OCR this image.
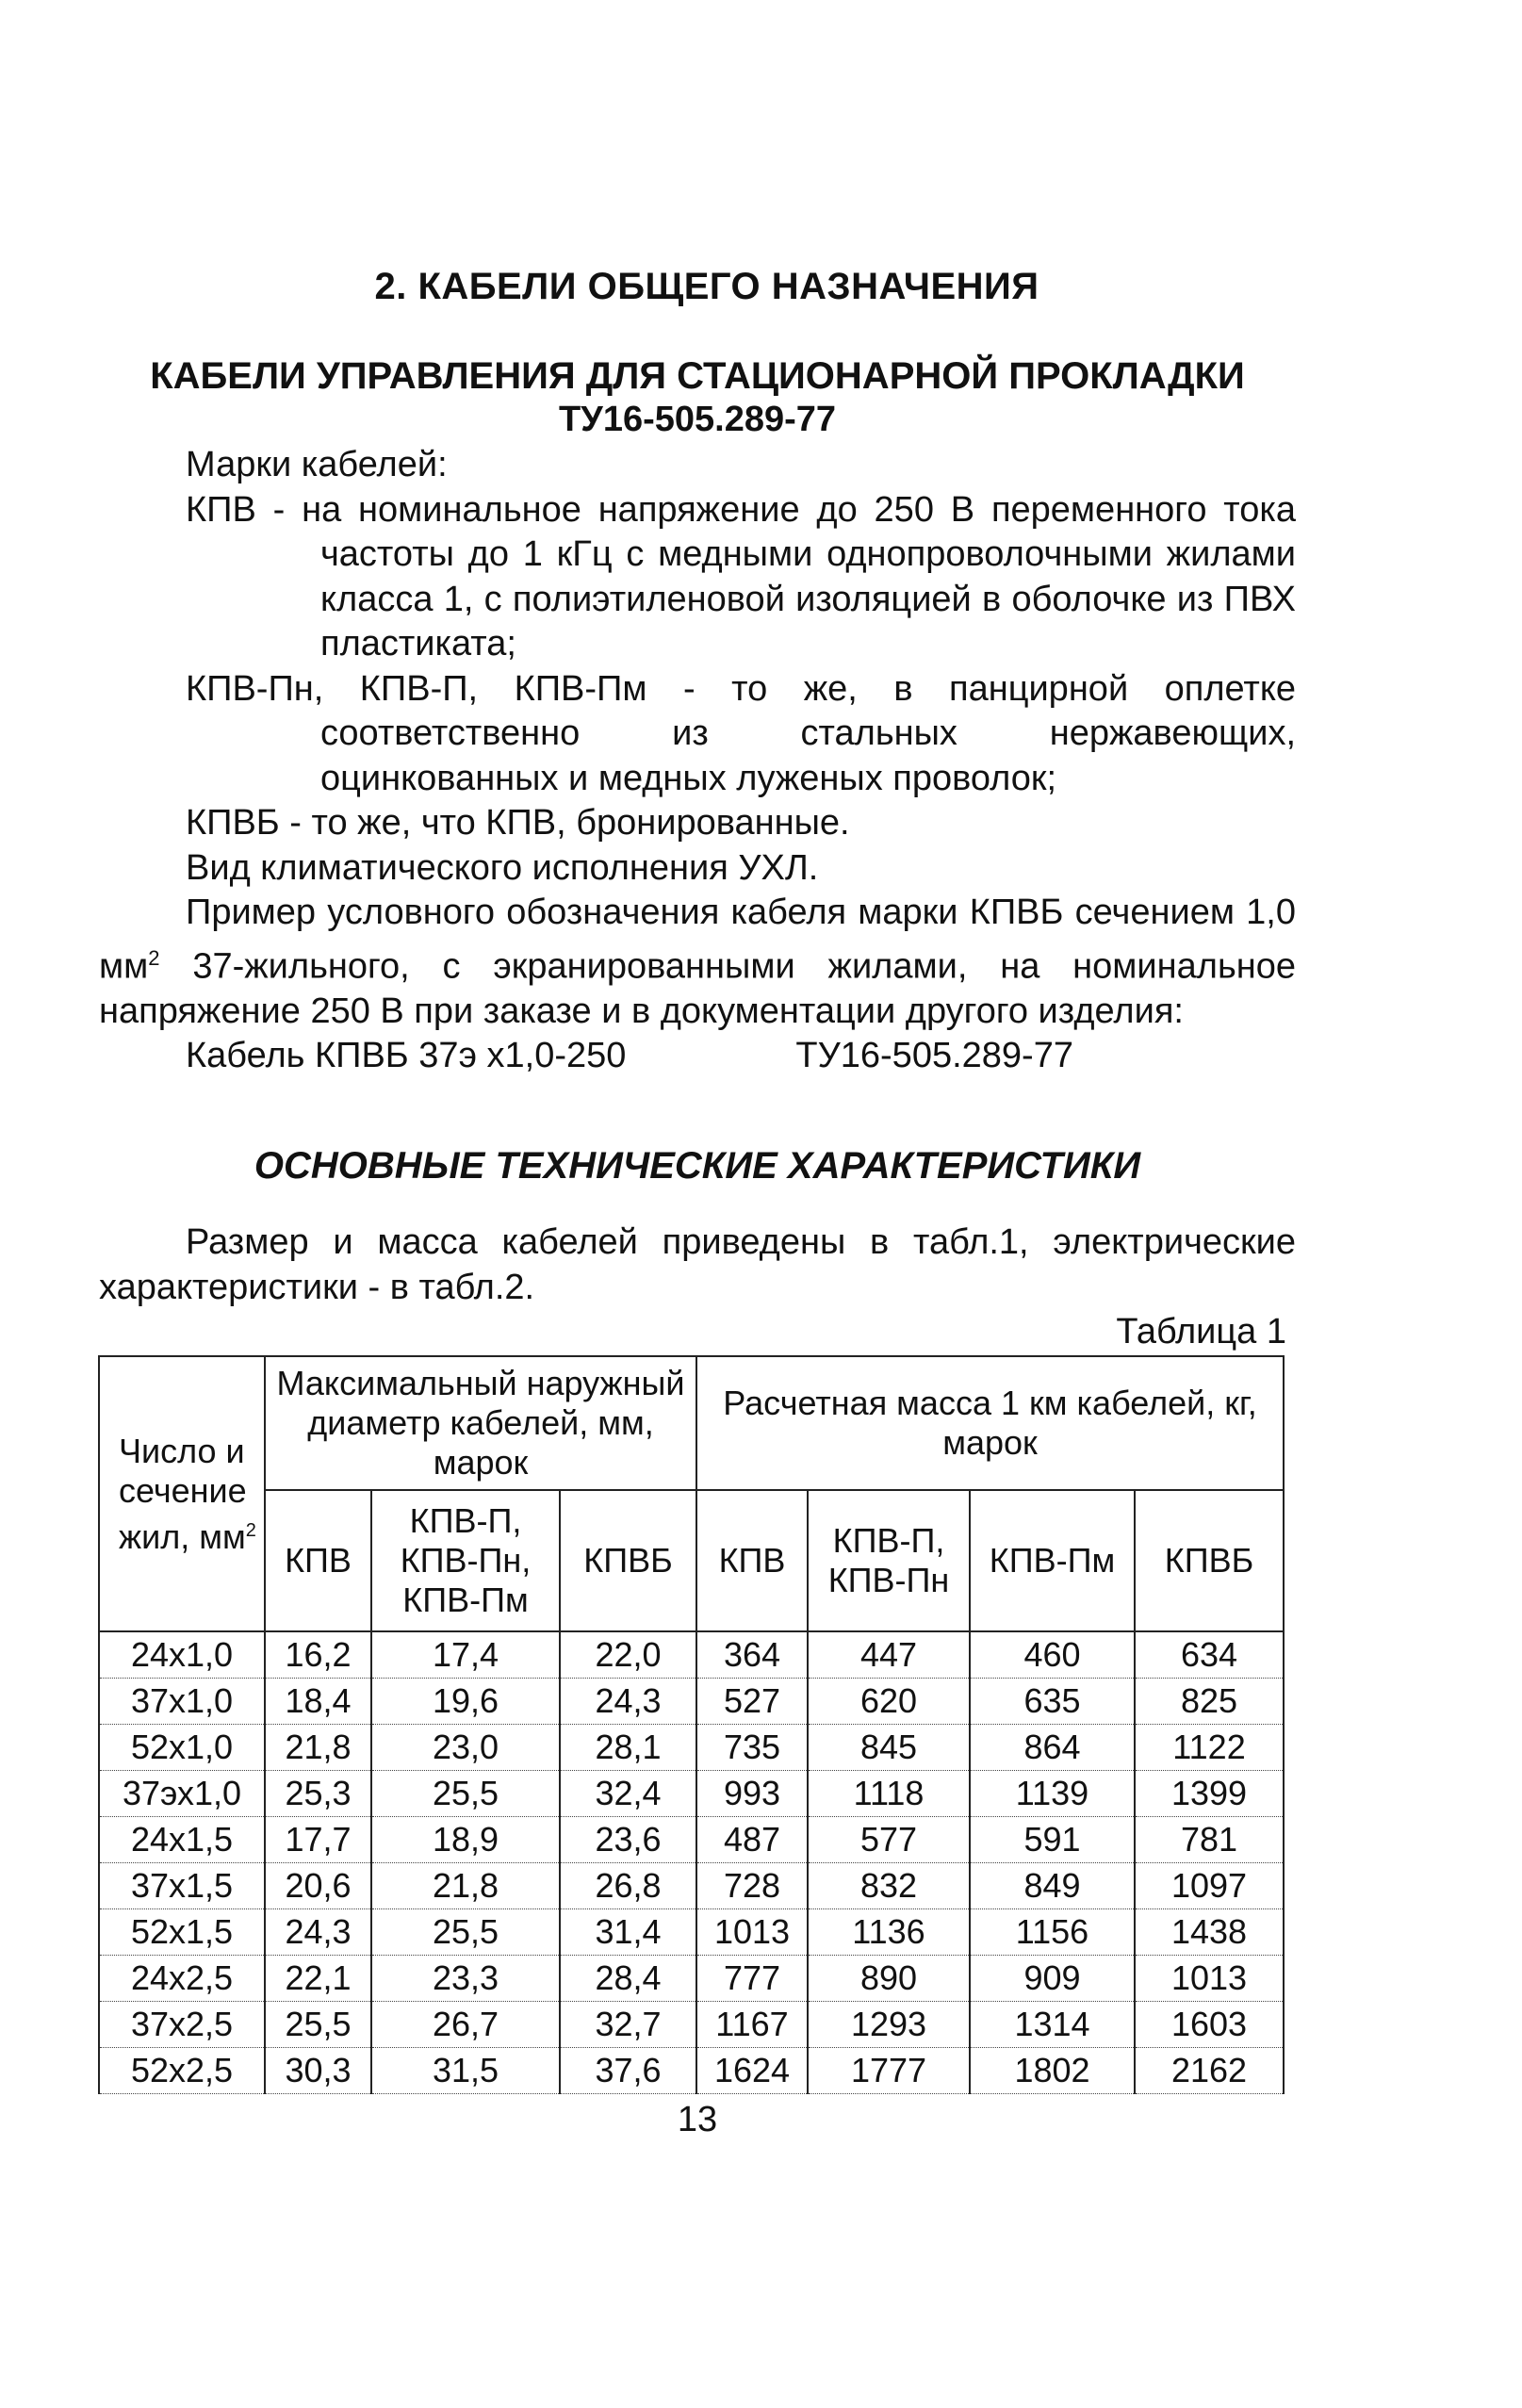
2. КАБЕЛИ ОБЩЕГО НАЗНАЧЕНИЯ
КАБЕЛИ УПРАВЛЕНИЯ ДЛЯ СТАЦИОНАРНОЙ ПРОКЛАДКИ
ТУ16-505.289-77

Марки кабелей:

КПВ - на номинальное напряжение до 250 В переменного тока частоты до 1 кГц с медными однопроволочными жилами класса 1, с полиэтиленовой изоляцией в оболочке из ПВХ пластиката;

КПВ-Пн, КПВ-П, КПВ-Пм - то же, в панцирной оплетке соответственно из стальных нержавеющих, оцинкованных и медных луженых проволок;

КПВБ - то же, что КПВ, бронированные.

Вид климатического исполнения УХЛ.

Пример условного обозначения кабеля марки КПВБ сечением 1,0 $мм^2$ 37-жильного, с экранированными жилами, на номинальное напряжение 250 В при заказе и в документации другого изделия:

Кабель КПВБ 37э х1,0-250	ТУ16-505.289-77

ОСНОВНЫЕ ТЕХНИЧЕСКИЕ ХАРАКТЕРИСТИКИ

Размер и масса кабелей приведены в табл.1, электрические характеристики - в табл.2.

Таблица 1
Число и сечение жил, $мм^2$	Максимальный наружный диаметр кабелей, мм, марок			Расчетная масса 1 км кабелей, кг, марок			
	КПВ	КПВ-П, КПВ-Пн, КПВ-Пм	КПВБ	КПВ	КПВ-П, КПВ-Пн	КПВ-Пм	КПВБ
24х1,0	16,2	17,4	22,0	364	447	460	634
37х1,0	18,4	19,6	24,3	527	620	635	825
52х1,0	21,8	23,0	28,1	735	845	864	1122
37эх1,0	25,3	25,5	32,4	993	1118	1139	1399
24х1,5	17,7	18,9	23,6	487	577	591	781
37х1,5	20,6	21,8	26,8	728	832	849	1097
52х1,5	24,3	25,5	31,4	1013	1136	1156	1438
24х2,5	22,1	23,3	28,4	777	890	909	1013
37х2,5	25,5	26,7	32,7	1167	1293	1314	1603
52х2,5	30,3	31,5	37,6	1624	1777	1802	2162
13
